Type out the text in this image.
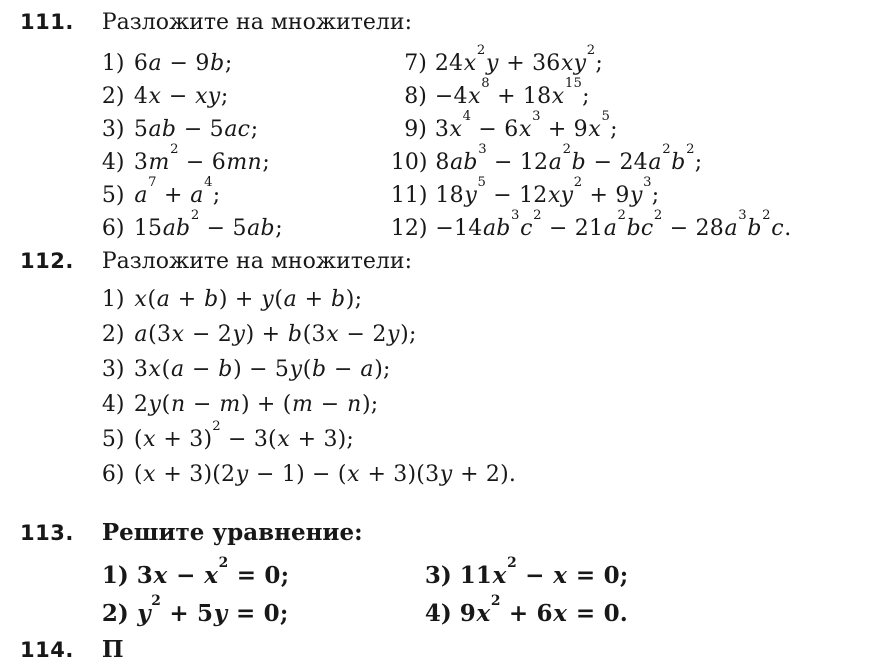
111. Разложите на множители:
1) 6a − 9b;
2) 4x − xy;
3) 5ab − 5ac;
4) $3m^2 - 6mn$;
5) $a^7 + a^4$;
6) $15ab^2 - 5ab$;
7) $24x^2y + 36xy^2$;
$8) -4x^8 + 18x^{15}$;
9) $3x^4 - 6x^3 + 9x^5$;
10) $8ab^3 - 12a^2b - 24a^2b^2$;
11) $18y^5 - 12xy^2 + 9y^3$;
$12) -14ab^3c^2 - 21a^2bc^2 - 28a^3b^2c$.
112. Разложите на множители:
1) x(a + b) + y(a + b);
2) a(3x − 2y) + b(3x − 2y);
3) 3x(a − b) − 5y(b − a);
4) 2y(n − m) + (m − n);
5) $(x + 3)^2 - 3(x + 3)$;
6) (x + 3)(2y − 1) − (x + 3)(3y + 2).
113. Решите уравнение:
1) $3x - x^2 = 0$;
2) $y^2 + 5y = 0$;
3) $11x^2 - x = 0$;
4) $9x^2 + 6x = 0$.
114. П
